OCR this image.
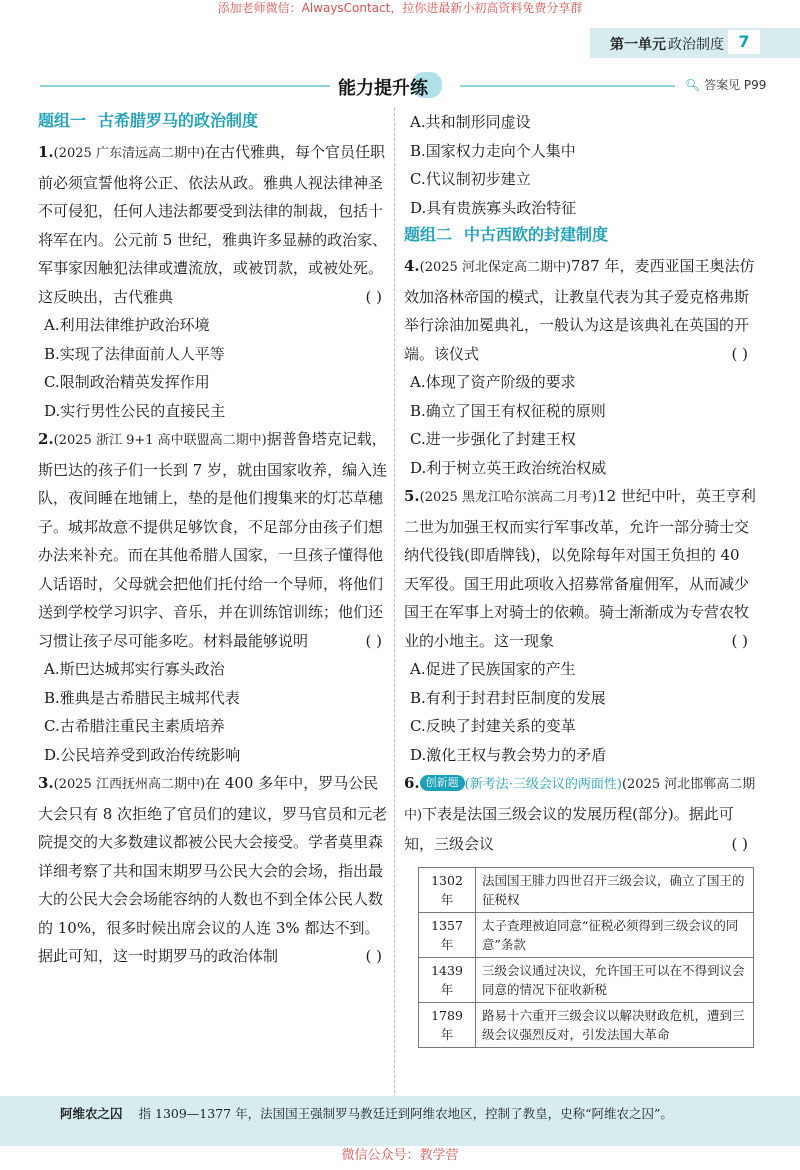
添加老师微信：AlwaysContact，拉你进最新小初高资料免费分享群
第一单元 政治制度 7
能力提升练	🔍︎ 答案见 P99
题组一 古希腊罗马的政治制度
1.(2025 广东清远高二期中)在古代雅典，每个官员任职前必须宣誓他将公正、依法从政。雅典人视法律神圣不可侵犯，任何人违法都要受到法律的制裁，包括十将军在内。公元前 5 世纪，雅典许多显赫的政治家、军事家因触犯法律或遭流放，或被罚款，或被处死。这反映出，古代雅典	( )
A.利用法律维护政治环境
B.实现了法律面前人人平等
C.限制政治精英发挥作用
D.实行男性公民的直接民主
2.(2025 浙江 9+1 高中联盟高二期中)据普鲁塔克记载，斯巴达的孩子们一长到 7 岁，就由国家收养，编入连队，夜间睡在地铺上，垫的是他们搜集来的灯芯草穗子。城邦故意不提供足够饮食，不足部分由孩子们想办法来补充。而在其他希腊人国家，一旦孩子懂得他人话语时，父母就会把他们托付给一个导师，将他们送到学校学习识字、音乐，并在训练馆训练；他们还习惯让孩子尽可能多吃。材料最能够说明	( )
A.斯巴达城邦实行寡头政治
B.雅典是古希腊民主城邦代表
C.古希腊注重民主素质培养
D.公民培养受到政治传统影响
3.(2025 江西抚州高二期中)在 400 多年中，罗马公民大会只有 8 次拒绝了官员们的建议，罗马官员和元老院提交的大多数建议都被公民大会接受。学者莫里森详细考察了共和国末期罗马公民大会的会场，指出最大的公民大会会场能容纳的人数也不到全体公民人数的 10%，很多时候出席会议的人连 3% 都达不到。据此可知，这一时期罗马的政治体制	( )
A.共和制形同虚设
B.国家权力走向个人集中
C.代议制初步建立
D.具有贵族寡头政治特征
题组二 中古西欧的封建制度
4.(2025 河北保定高二期中)787 年，麦西亚国王奥法仿效加洛林帝国的模式，让教皇代表为其子爱克格弗斯举行涂油加冕典礼，一般认为这是该典礼在英国的开端。该仪式	( )
A.体现了资产阶级的要求
B.确立了国王有权征税的原则
C.进一步强化了封建王权
D.利于树立英王政治统治权威
5.(2025 黑龙江哈尔滨高二月考)12 世纪中叶，英王亨利二世为加强王权而实行军事改革，允许一部分骑士交纳代役钱(即盾牌钱)，以免除每年对国王负担的 40 天军役。国王用此项收入招募常备雇佣军，从而减少国王在军事上对骑士的依赖。骑士渐渐成为专营农牧业的小地主。这一现象	( )
A.促进了民族国家的产生
B.有利于封君封臣制度的发展
C.反映了封建关系的变革
D.激化王权与教会势力的矛盾
6. 创新题 (新考法·三级会议的两面性)(2025 河北邯郸高二期中)下表是法国三级会议的发展历程(部分)。据此可知，三级会议	( )
1302 年	法国国王腓力四世召开三级会议，确立了国王的征税权
1357 年	太子查理被迫同意“征税必须得到三级会议的同意”条款
1439 年	三级会议通过决议，允许国王可以在不得到议会同意的情况下征收新税
1789 年	路易十六重开三级会议以解决财政危机，遭到三级会议强烈反对，引发法国大革命
阿维农之囚 指 1309—1377 年，法国国王强制罗马教廷迁到阿维农地区，控制了教皇，史称“阿维农之囚”。
微信公众号：教学营
